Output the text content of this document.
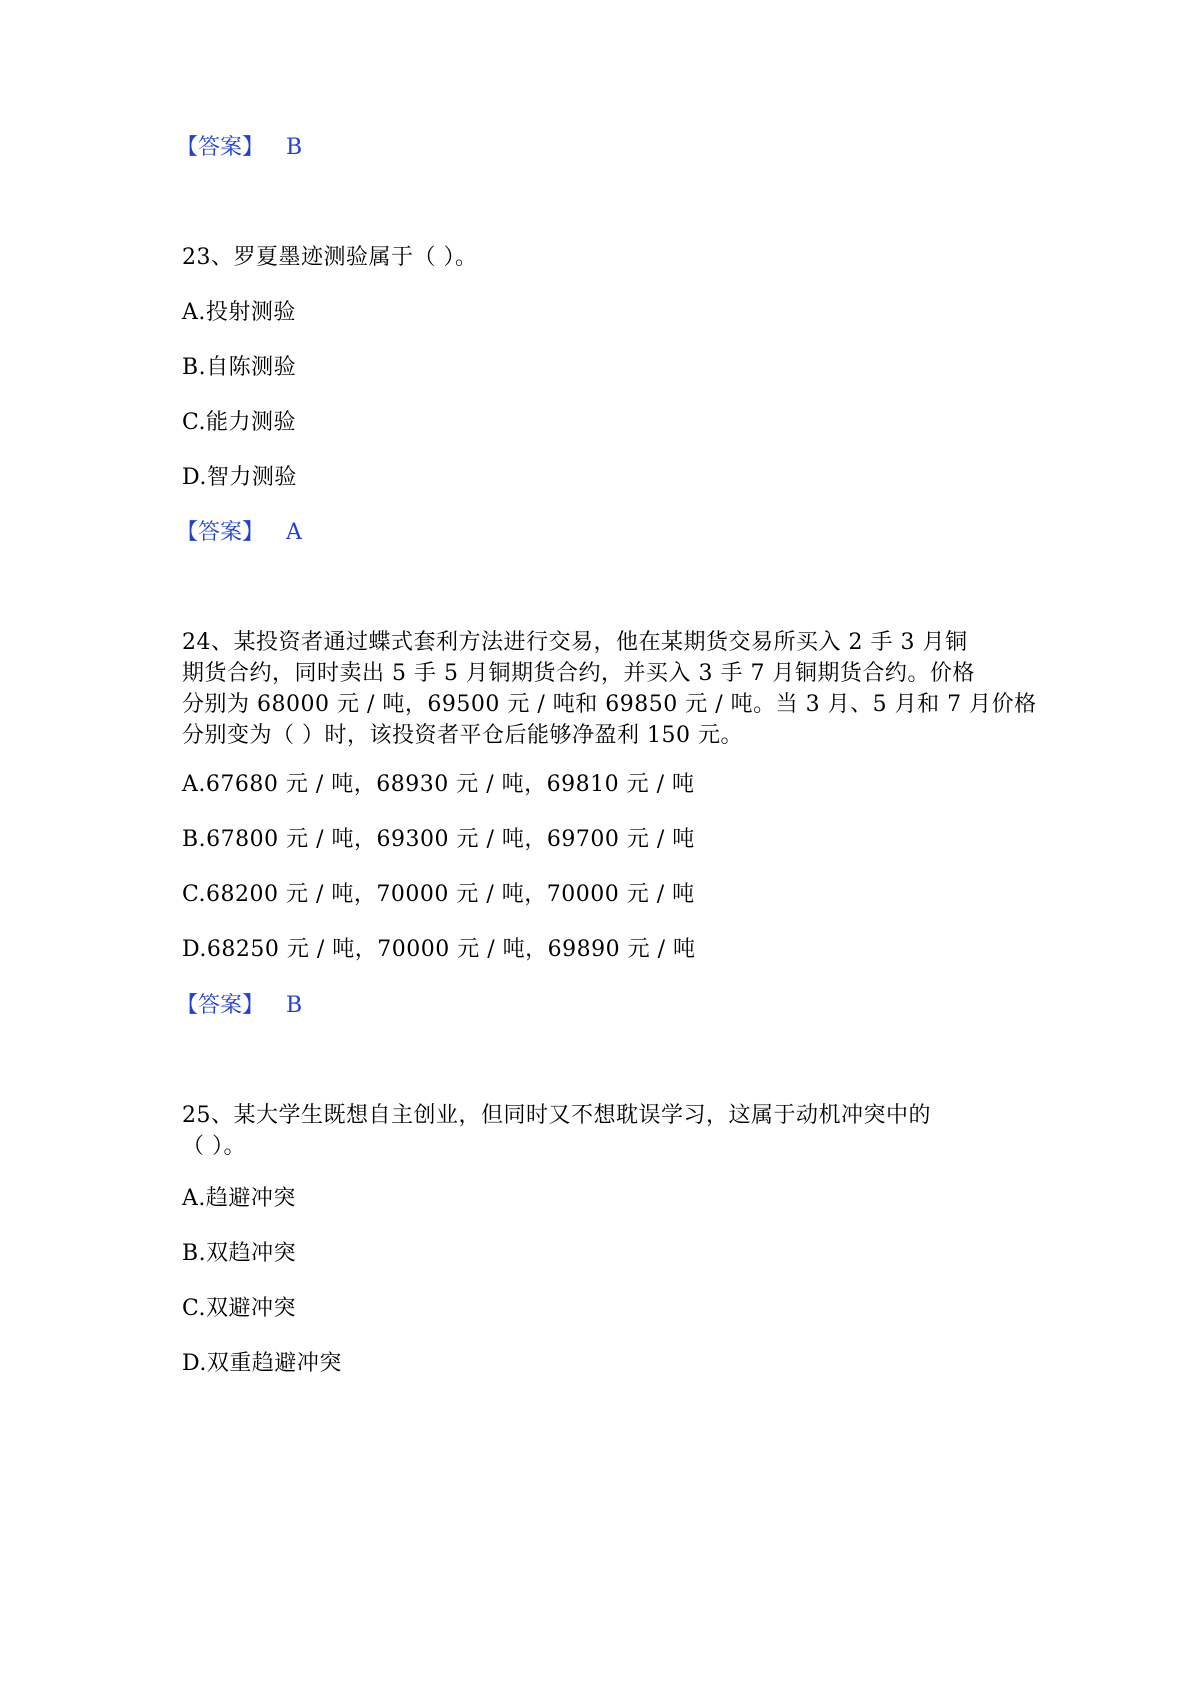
【答案】 B
23、罗夏墨迹测验属于（ ）。
A.投射测验
B.自陈测验
C.能力测验
D.智力测验
【答案】 A
24、某投资者通过蝶式套利方法进行交易，他在某期货交易所买入 2 手 3 月铜
期货合约，同时卖出 5 手 5 月铜期货合约，并买入 3 手 7 月铜期货合约。价格
分别为 68000 元 / 吨，69500 元 / 吨和 69850 元 / 吨。当 3 月、5 月和 7 月价格
分别变为（ ）时，该投资者平仓后能够净盈利 150 元。
A.67680 元 / 吨，68930 元 / 吨，69810 元 / 吨
B.67800 元 / 吨，69300 元 / 吨，69700 元 / 吨
C.68200 元 / 吨，70000 元 / 吨，70000 元 / 吨
D.68250 元 / 吨，70000 元 / 吨，69890 元 / 吨
【答案】 B
25、某大学生既想自主创业，但同时又不想耽误学习，这属于动机冲突中的
（ ）。
A.趋避冲突
B.双趋冲突
C.双避冲突
D.双重趋避冲突
